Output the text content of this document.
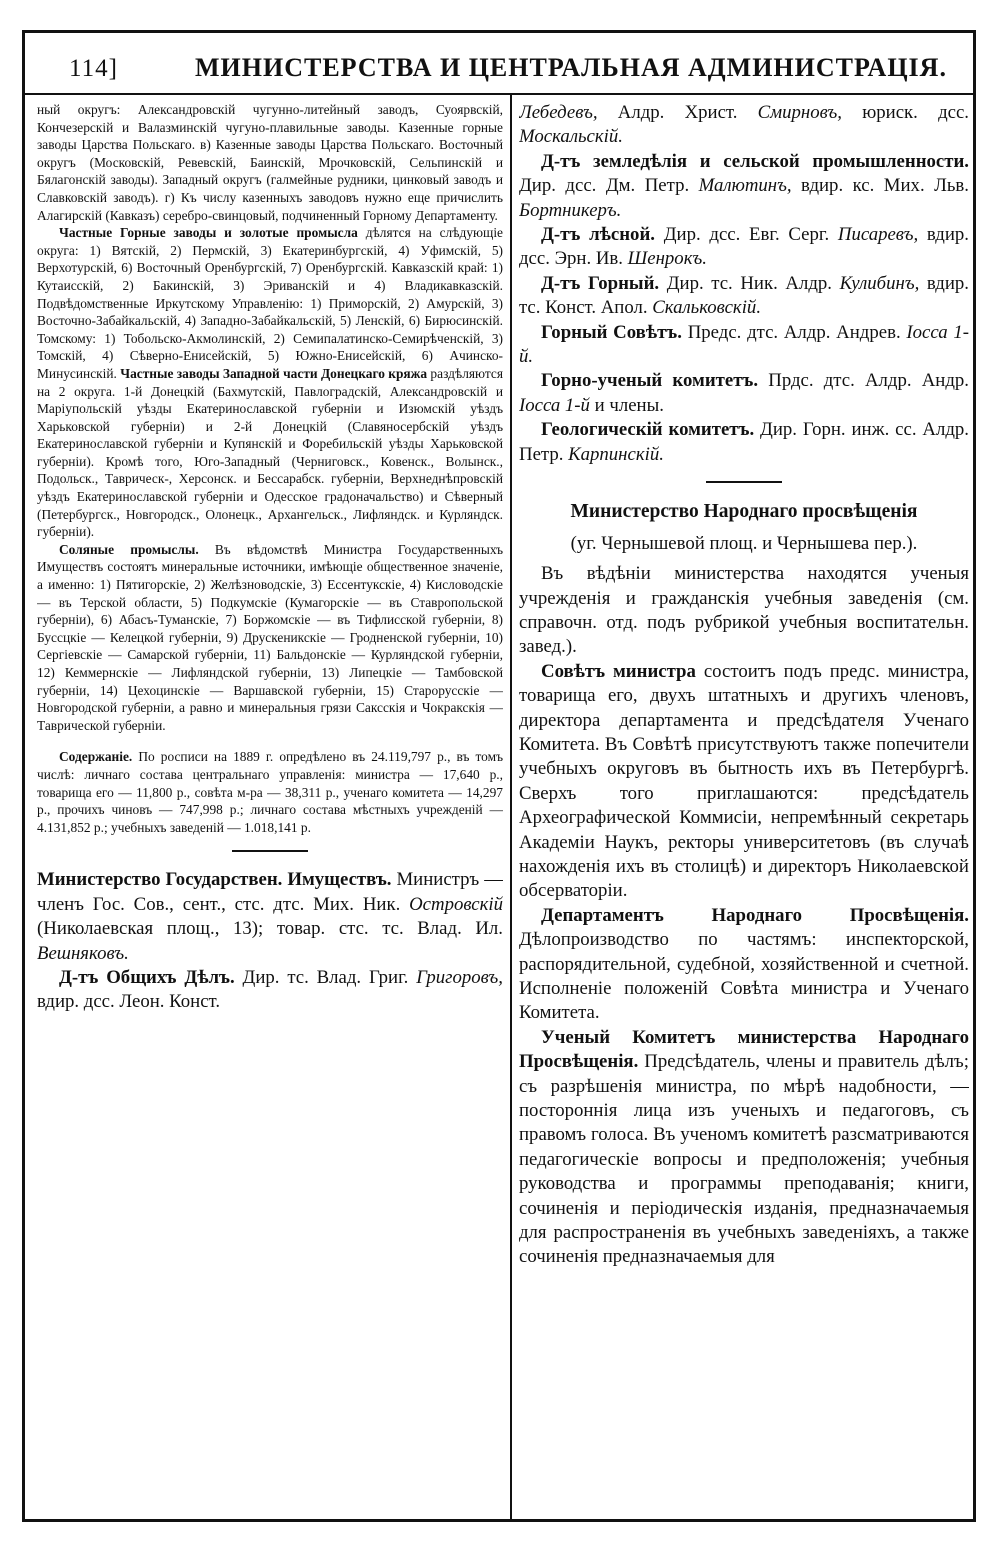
114]	МИНИСТЕРСТВА И ЦЕНТРАЛЬНАЯ АДМИНИСТРАЦІЯ.

ный округъ: Александровскій чугунно-литейный заводъ, Суоярвскій, Кончезерскій и Валазминскій чугуно-плавильные заводы. Казенные горные заводы Царства Польскаго. в) Казенные заводы Царства Польскаго. Восточный округъ (Московскій, Ревевскій, Баинскій, Мрочковскій, Сельпинскій и Бялагонскій заводы). Западный округъ (галмейные рудники, цинковый заводъ и Славковскій заводъ). г) Къ числу казенныхъ заводовъ нужно еще причислить Алагирскій (Кавказъ) серебро-свинцовый, подчиненный Горному Департаменту.

Частные Горные заводы и золотые промысла дѣлятся на слѣдующіе округа: 1) Вятскій, 2) Пермскій, 3) Екатеринбургскій, 4) Уфимскій, 5) Верхотурскій, 6) Восточный Оренбургскій, 7) Оренбургскій. Кавказскій край: 1) Кутаисскій, 2) Бакинскій, 3) Эриванскій и 4) Владикавказскій. Подвѣдомственные Иркутскому Управленію: 1) Приморскій, 2) Амурскій, 3) Восточно-Забайкальскій, 4) Западно-Забайкальскій, 5) Ленскій, 6) Бирюсинскій. Томскому: 1) Тобольско-Акмолинскій, 2) Семипалатинско-Семирѣченскій, 3) Томскій, 4) Сѣверно-Енисейскій, 5) Южно-Енисейскій, 6) Ачинско-Минусинскій. Частные заводы Западной части Донецкаго кряжа раздѣляются на 2 округа. 1-й Донецкій (Бахмутскій, Павлоградскій, Александровскій и Маріупольскій уѣзды Екатеринославской губерніи и Изюмскій уѣздъ Харьковской губерніи) и 2-й Донецкій (Славяносербскій уѣздъ Екатеринославской губерніи и Купянскій и Форебильскій уѣзды Харьковской губерніи). Кромѣ того, Юго-Западный (Черниговск., Ковенск., Волынск., Подольск., Таврическ-, Херсонск. и Бессарабск. губерніи, Верхнеднѣпровскій уѣздъ Екатеринославской губерніи и Одесское градоначальство) и Сѣверный (Петербургск., Новгородск., Олонецк., Архангельск., Лифляндск. и Курляндск. губерніи).

Соляные промыслы. Въ вѣдомствѣ Министра Государственныхъ Имуществъ состоятъ минеральные источники, имѣющіе общественное значеніе, а именно: 1) Пятигорскіе, 2) Желѣзноводскіе, 3) Ессентукскіе, 4) Кисловодскіе — въ Терской области, 5) Подкумскіе (Кумагорскіе — въ Ставропольской губерніи), 6) Абасъ-Туманскіе, 7) Боржомскіе — въ Тифлисской губерніи, 8) Буссцкіе — Келецкой губерніи, 9) Друскеникскіе — Гродненской губерніи, 10) Сергіевскіе — Самарской губерніи, 11) Бальдонскіе — Курляндской губерніи, 12) Кеммернскіе — Лифляндской губерніи, 13) Липецкіе — Тамбовской губерніи, 14) Цехоцинскіе — Варшавской губерніи, 15) Старорусскіе — Новгородской губерніи, а равно и минеральныя грязи Саксскія и Чокракскія — Таврической губерніи.

Содержаніе. По росписи на 1889 г. опредѣлено въ 24.119,797 р., въ томъ числѣ: личнаго состава центральнаго управленія: министра — 17,640 р., товарища его — 11,800 р., совѣта м-ра — 38,311 р., ученаго комитета — 14,297 р., прочихъ чиновъ — 747,998 р.; личнаго состава мѣстныхъ учрежденій — 4.131,852 р.; учебныхъ заведеній — 1.018,141 р.

Министерство Государствен. Имуществъ. Министръ — членъ Гос. Сов., сент., стс. дтс. Мих. Ник. Островскій (Николаевская площ., 13); товар. стс. тс. Влад. Ил. Вешняковъ.

Д-тъ Общихъ Дѣлъ. Дир. тс. Влад. Григ. Григоровъ, вдир. дсс. Леон. Конст.

Лебедевъ, Алдр. Христ. Смирновъ, юриск. дсс. Москальскій.

Д-тъ земледѣлія и сельской промышленности. Дир. дсс. Дм. Петр. Малютинъ, вдир. кс. Мих. Льв. Бортникеръ.

Д-тъ лѣсной. Дир. дсс. Евг. Серг. Писаревъ, вдир. дсс. Эрн. Ив. Шенрокъ.

Д-тъ Горный. Дир. тс. Ник. Алдр. Кулибинъ, вдир. тс. Конст. Апол. Скальковскій.

Горный Совѣтъ. Предс. дтс. Алдр. Андрев. Iосса 1-й.

Горно-ученый комитетъ. Прдс. дтс. Алдр. Андр. Iосса 1-й и члены.

Геологическій комитетъ. Дир. Горн. инж. сс. Алдр. Петр. Карпинскій.

Министерство Народнаго просвѣщенія
(уг. Чернышевой площ. и Чернышева пер.).

Въ вѣдѣніи министерства находятся ученыя учрежденія и гражданскія учебныя заведенія (см. справочн. отд. подъ рубрикой учебныя воспитательн. завед.).

Совѣтъ министра состоитъ подъ предс. министра, товарища его, двухъ штатныхъ и другихъ членовъ, директора департамента и предсѣдателя Ученаго Комитета. Въ Совѣтѣ присутствуютъ также попечители учебныхъ округовъ въ бытность ихъ въ Петербургѣ. Сверхъ того приглашаются: предсѣдатель Археографической Коммисіи, непремѣнный секретарь Академіи Наукъ, ректоры университетовъ (въ случаѣ нахожденія ихъ въ столицѣ) и директоръ Николаевской обсерваторіи.

Департаментъ Народнаго Просвѣщенія. Дѣлопроизводство по частямъ: инспекторской, распорядительной, судебной, хозяйственной и счетной. Исполненіе положеній Совѣта министра и Ученаго Комитета.

Ученый Комитетъ министерства Народнаго Просвѣщенія. Предсѣдатель, члены и правитель дѣлъ; съ разрѣшенія министра, по мѣрѣ надобности, — постороннія лица изъ ученыхъ и педагоговъ, съ правомъ голоса. Въ ученомъ комитетѣ разсматриваются педагогическіе вопросы и предположенія; учебныя руководства и программы преподаванія; книги, сочиненія и періодическія изданія, предназначаемыя для распространенія въ учебныхъ заведеніяхъ, а также сочиненія предназначаемыя для
